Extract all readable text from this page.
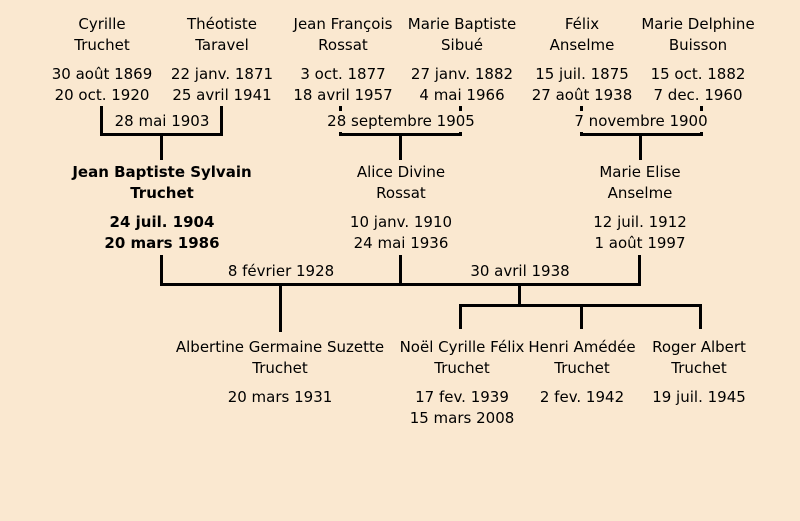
Cyrille
Truchet
30 août 1869
20 oct. 1920
Théotiste
Taravel
22 janv. 1871
25 avril 1941
Jean François
Rossat
3 oct. 1877
18 avril 1957
Marie Baptiste
Sibué
27 janv. 1882
4 mai 1966
Félix
Anselme
15 juil. 1875
27 août 1938
Marie Delphine
Buisson
15 oct. 1882
7 dec. 1960
28 mai 1903	28 septembre 1905	7 novembre 1900
Jean Baptiste Sylvain
Truchet
24 juil. 1904
20 mars 1986
Alice Divine
Rossat
10 janv. 1910
24 mai 1936
Marie Elise
Anselme
12 juil. 1912
1 août 1997
8 février 1928	30 avril 1938
Albertine Germaine Suzette
Truchet
20 mars 1931
Noël Cyrille Félix
Truchet
17 fev. 1939
15 mars 2008
Henri Amédée
Truchet
2 fev. 1942
Roger Albert
Truchet
19 juil. 1945
